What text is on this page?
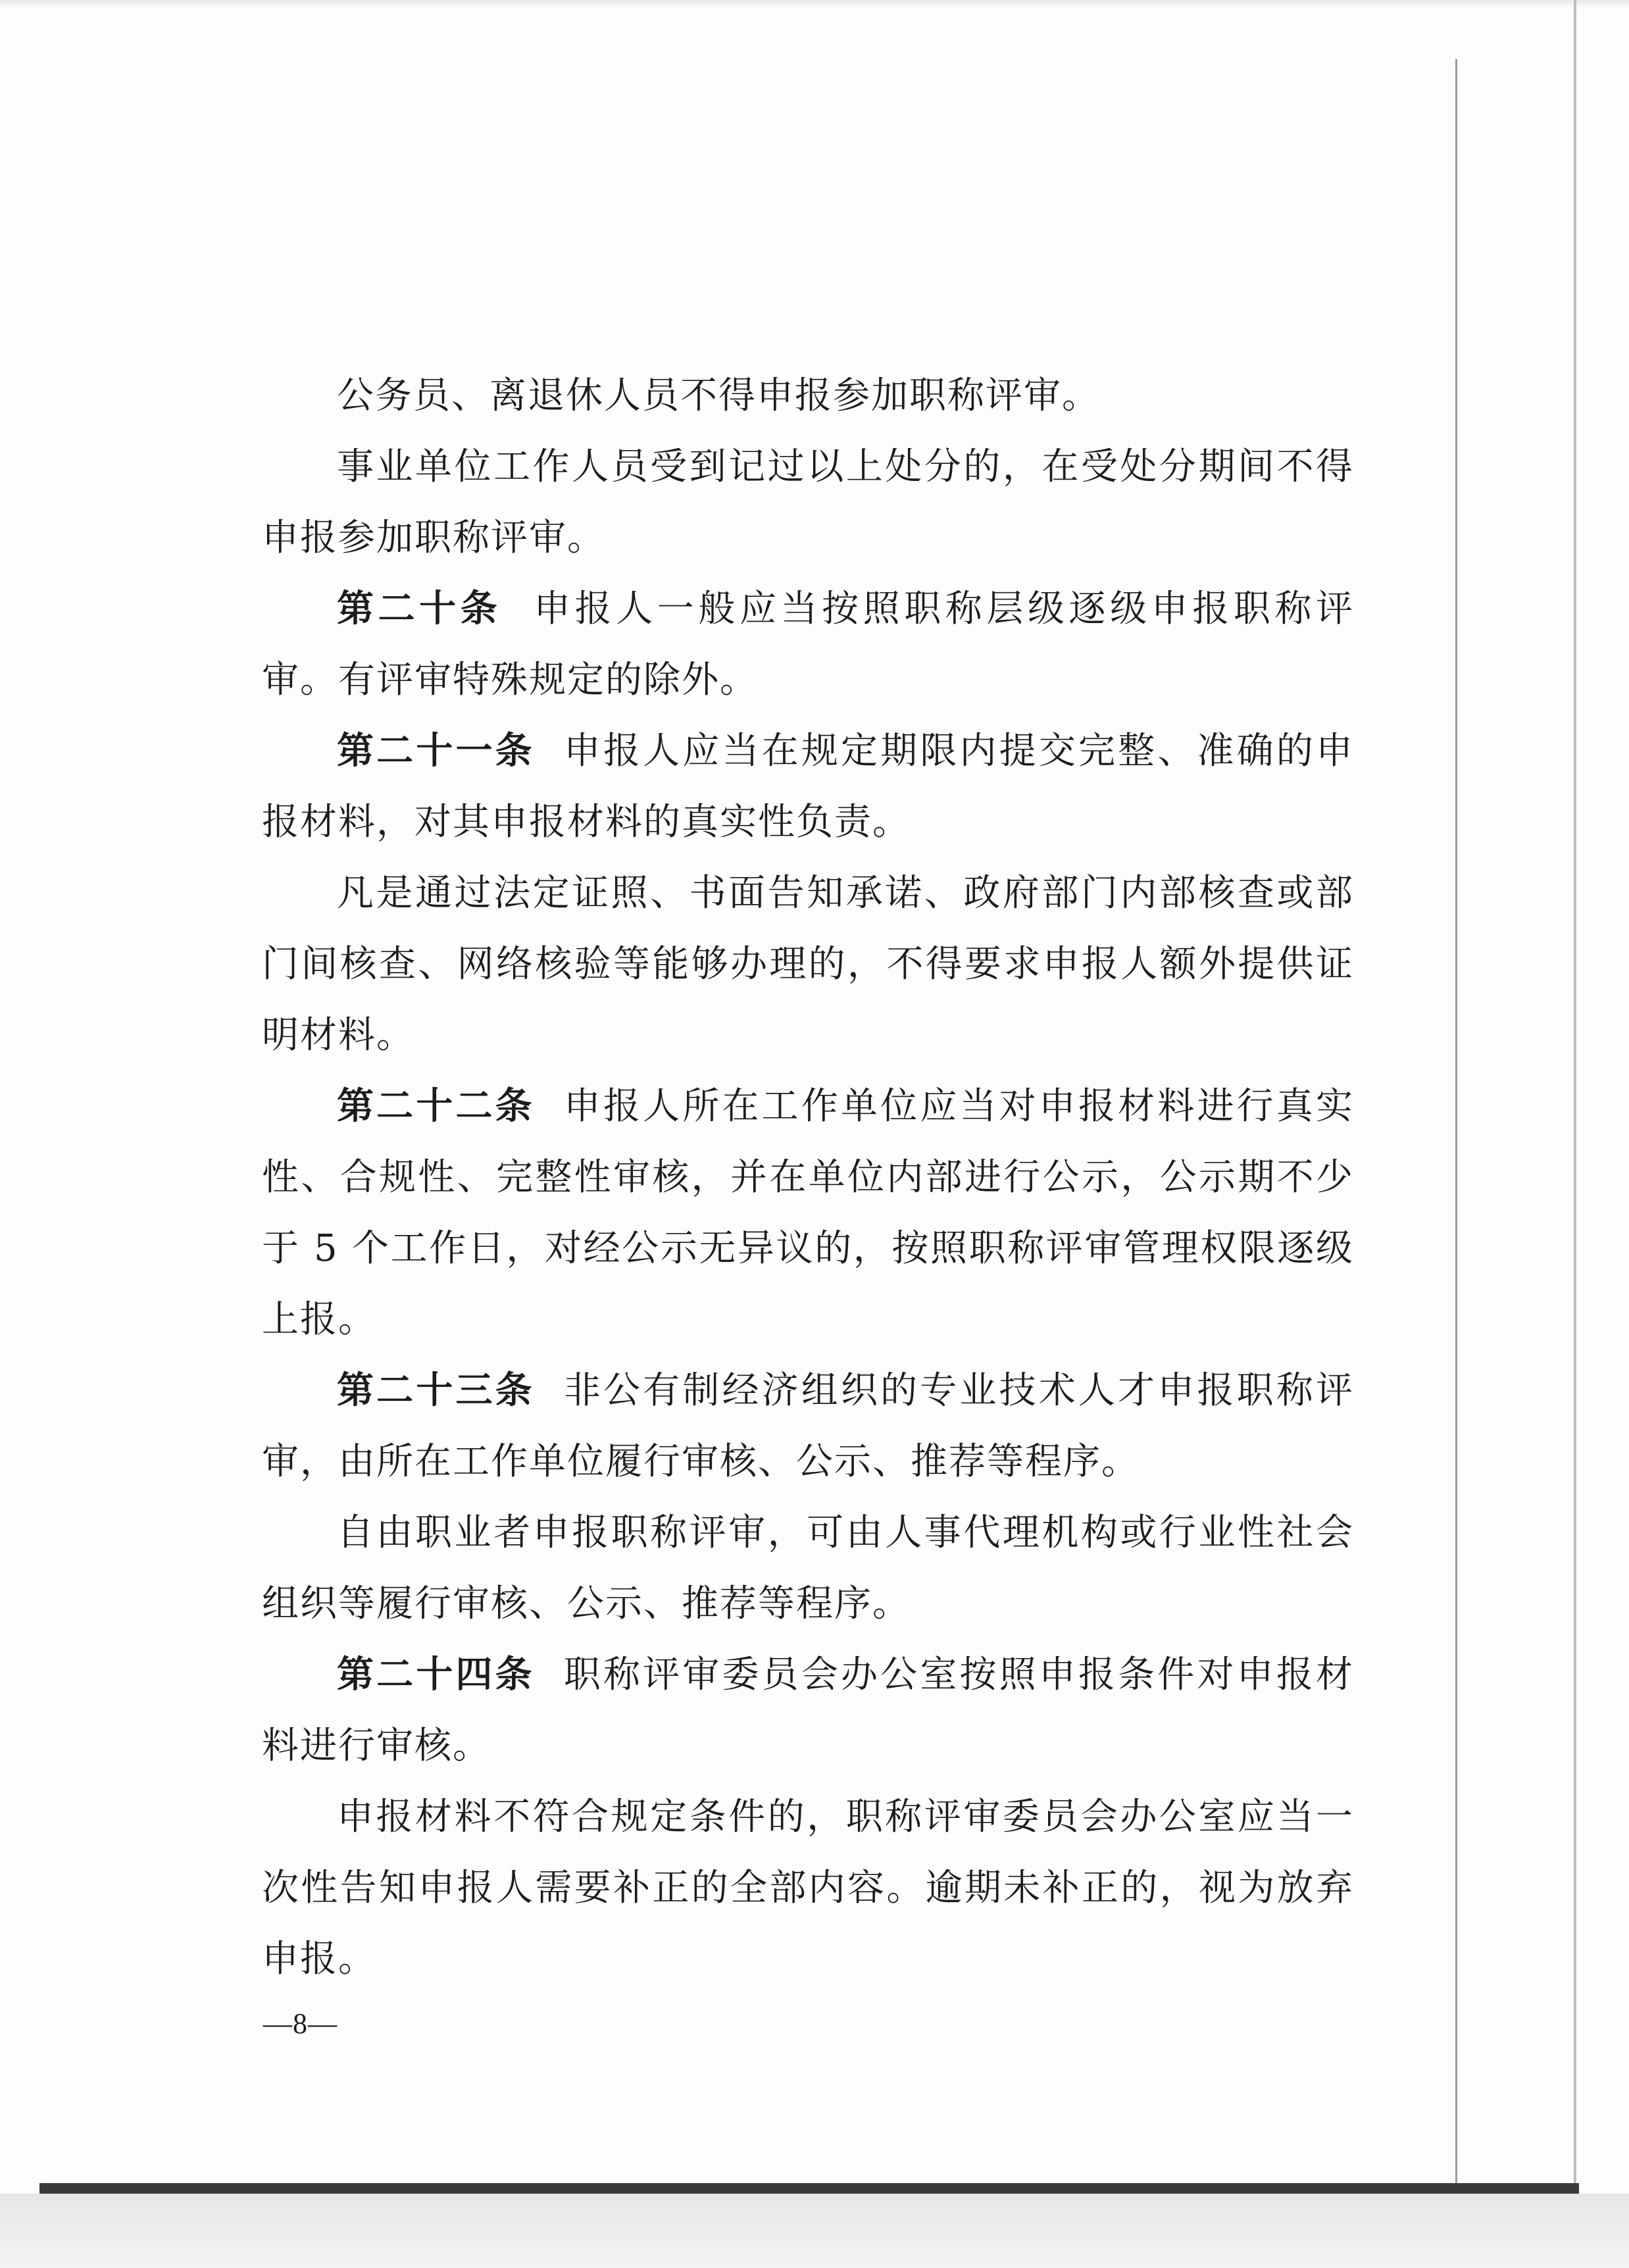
公务员、离退休人员不得申报参加职称评审。

事业单位工作人员受到记过以上处分的，在受处分期间不得申报参加职称评审。

第二十条 申报人一般应当按照职称层级逐级申报职称评审。有评审特殊规定的除外。

第二十一条 申报人应当在规定期限内提交完整、准确的申报材料，对其申报材料的真实性负责。

凡是通过法定证照、书面告知承诺、政府部门内部核查或部门间核查、网络核验等能够办理的，不得要求申报人额外提供证明材料。

第二十二条 申报人所在工作单位应当对申报材料进行真实性、合规性、完整性审核，并在单位内部进行公示，公示期不少于 5 个工作日，对经公示无异议的，按照职称评审管理权限逐级上报。

第二十三条 非公有制经济组织的专业技术人才申报职称评审，由所在工作单位履行审核、公示、推荐等程序。

自由职业者申报职称评审，可由人事代理机构或行业性社会组织等履行审核、公示、推荐等程序。

第二十四条 职称评审委员会办公室按照申报条件对申报材料进行审核。

申报材料不符合规定条件的，职称评审委员会办公室应当一次性告知申报人需要补正的全部内容。逾期未补正的，视为放弃申报。

—8—
